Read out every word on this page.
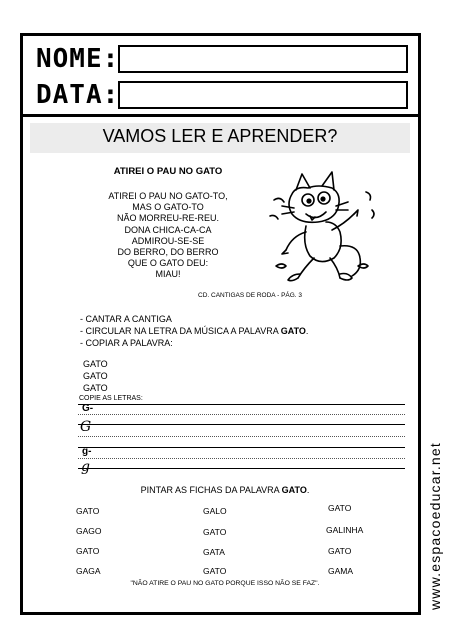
NOME:
DATA:
VAMOS LER E APRENDER?
ATIREI O PAU NO GATO
ATIREI O PAU NO GATO-TO,
MAS O GATO-TO
NÃO MORREU-RE-REU.
DONA CHICA-CA-CA
ADMIROU-SE-SE
DO BERRO, DO BERRO
QUE O GATO DEU:
MIAU!
CD. CANTIGAS DE RODA - PÁG. 3
- CANTAR A CANTIGA
- CIRCULAR NA LETRA DA MÚSICA A PALAVRA GATO.
- COPIAR A PALAVRA:
GATO
GATO
GATO
COPIE AS LETRAS:
G-
G
g-
g
PINTAR AS FICHAS DA PALAVRA GATO.
GATO	GALO	GATO
GAGO	GATO	GALINHA
GATO	GATA	GATO
GAGA	GATO	GAMA
"NÃO ATIRE O PAU NO GATO PORQUE ISSO NÃO SE FAZ".	www.espacoeducar.net
